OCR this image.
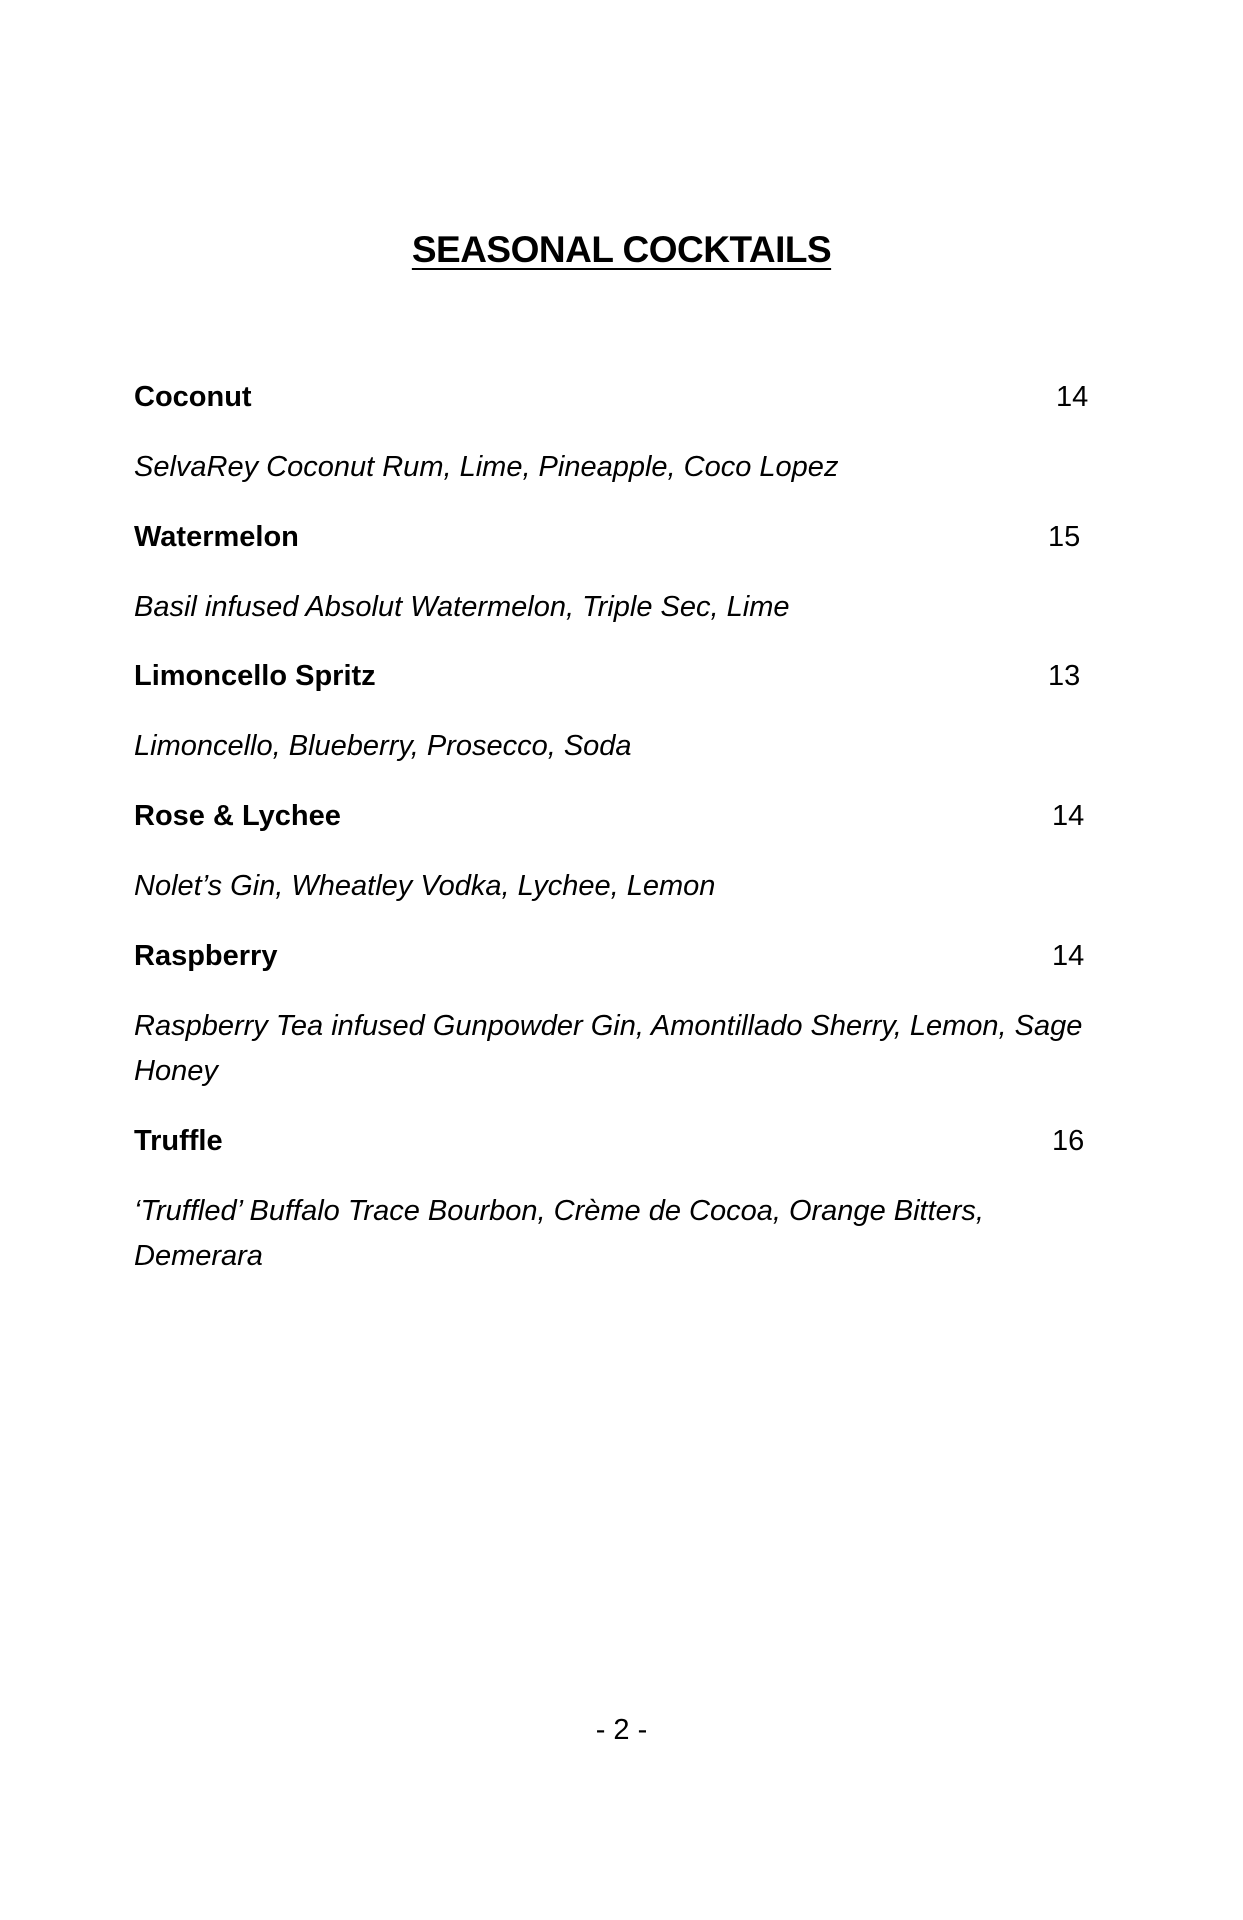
SEASONAL COCKTAILS
Coconut	14
SelvaRey Coconut Rum, Lime, Pineapple, Coco Lopez
Watermelon	15
Basil infused Absolut Watermelon, Triple Sec, Lime
Limoncello Spritz	13
Limoncello, Blueberry, Prosecco, Soda
Rose & Lychee	14
Nolet’s Gin, Wheatley Vodka, Lychee, Lemon
Raspberry	14
Raspberry Tea infused Gunpowder Gin, Amontillado Sherry, Lemon, Sage Honey
Truffle	16
‘Truffled’ Buffalo Trace Bourbon, Crème de Cocoa, Orange Bitters, Demerara
- 2 -
